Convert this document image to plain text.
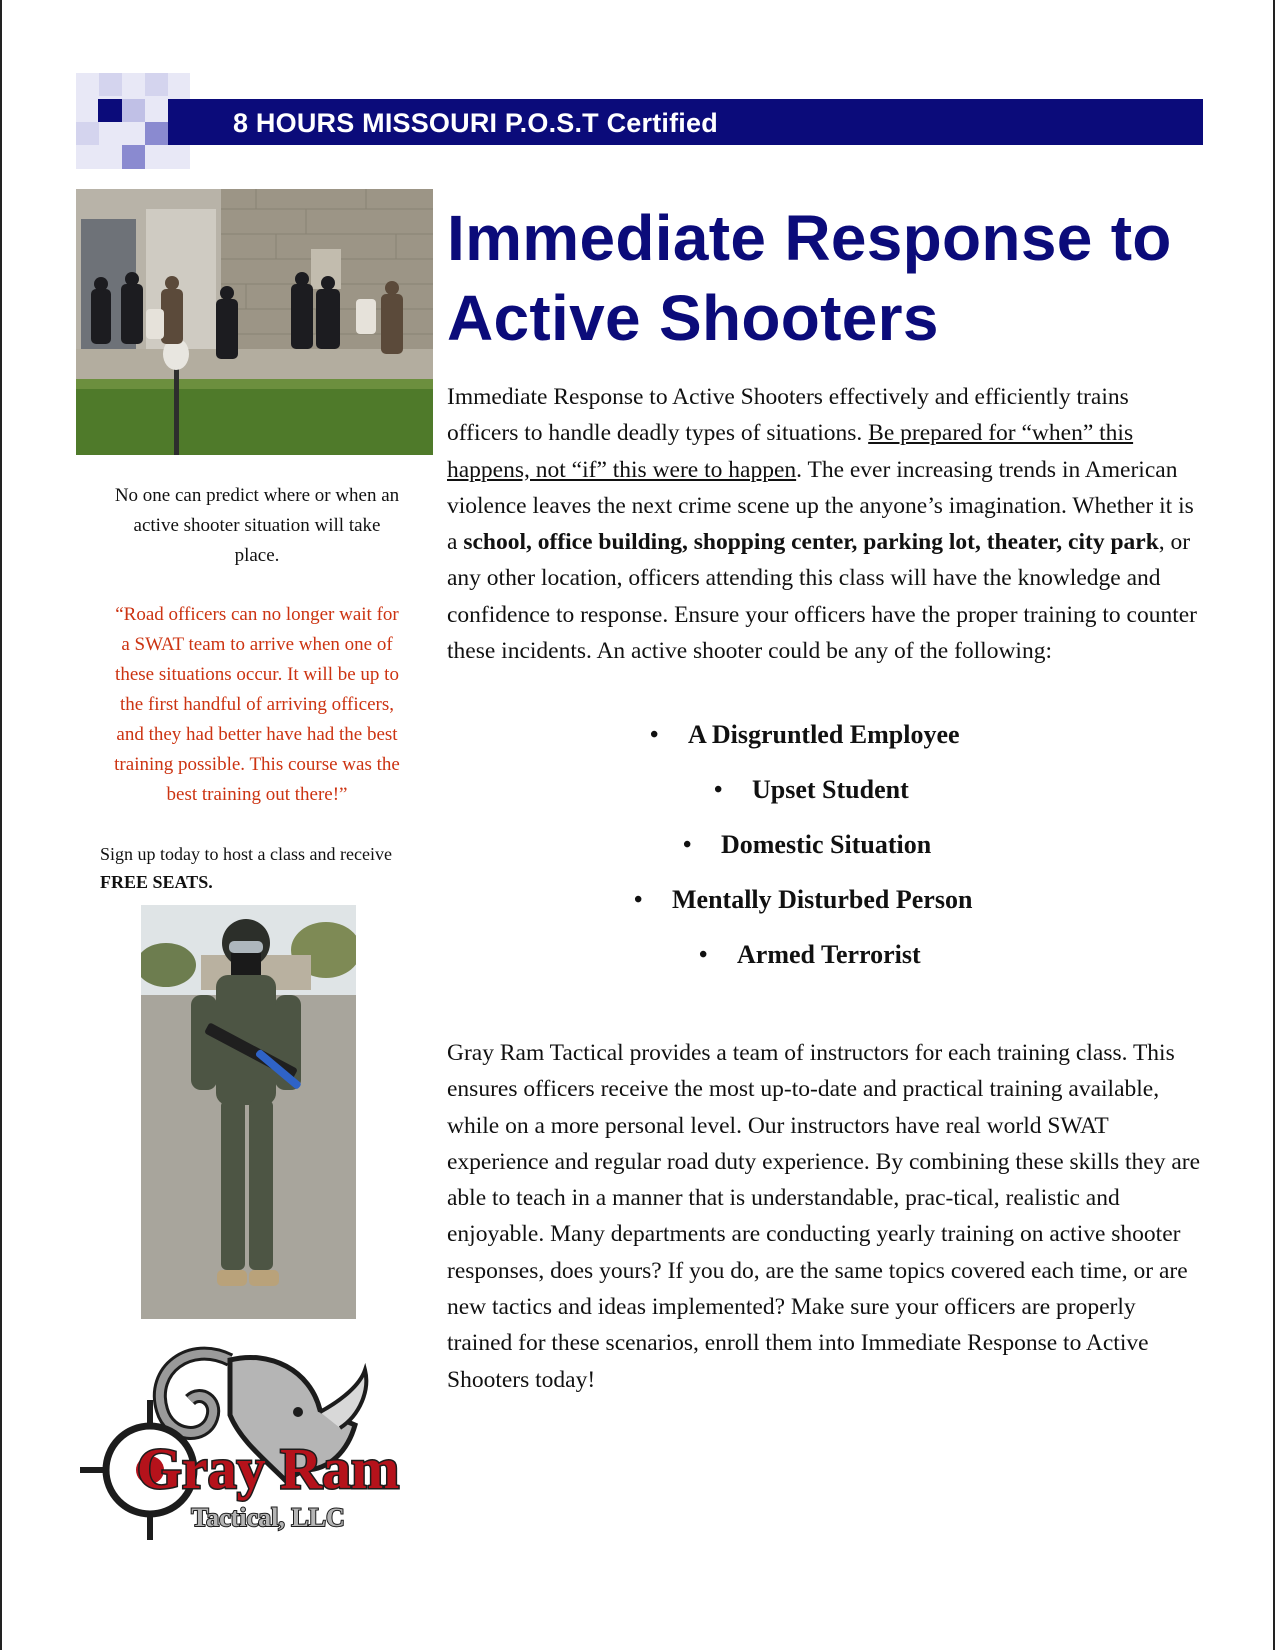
8 HOURS MISSOURI P.O.S.T Certified
No one can predict where or when an
active shooter situation will take
place.
“Road officers can no longer wait for
a SWAT team to arrive when one of
these situations occur. It will be up to
the first handful of arriving officers,
and they had better have had the best
training possible. This course was the
best training out there!”
Sign up today to host a class and receive
FREE SEATS.
Gray Ram
Tactical, LLC
Immediate Response to
Active Shooters
Immediate Response to Active Shooters effectively and efficiently trains officers to handle deadly types of situations. Be prepared for “when” this happens, not “if” this were to happen. The ever increasing trends in American violence leaves the next crime scene up the anyone’s imagination. Whether it is a school, office building, shopping center, parking lot, theater, city park, or any other location, officers attending this class will have the knowledge and confidence to response. Ensure your officers have the proper training to counter these incidents. An active shooter could be any of the following:
• A Disgruntled Employee
• Upset Student
• Domestic Situation
• Mentally Disturbed Person
• Armed Terrorist
Gray Ram Tactical provides a team of instructors for each training class. This ensures officers receive the most up-to-date and practical training available, while on a more personal level. Our instructors have real world SWAT experience and regular road duty experience. By combining these skills they are able to teach in a manner that is understandable, prac-tical, realistic and enjoyable. Many departments are conducting yearly training on active shooter responses, does yours? If you do, are the same topics covered each time, or are new tactics and ideas implemented? Make sure your officers are properly trained for these scenarios, enroll them into Immediate Response to Active Shooters today!
